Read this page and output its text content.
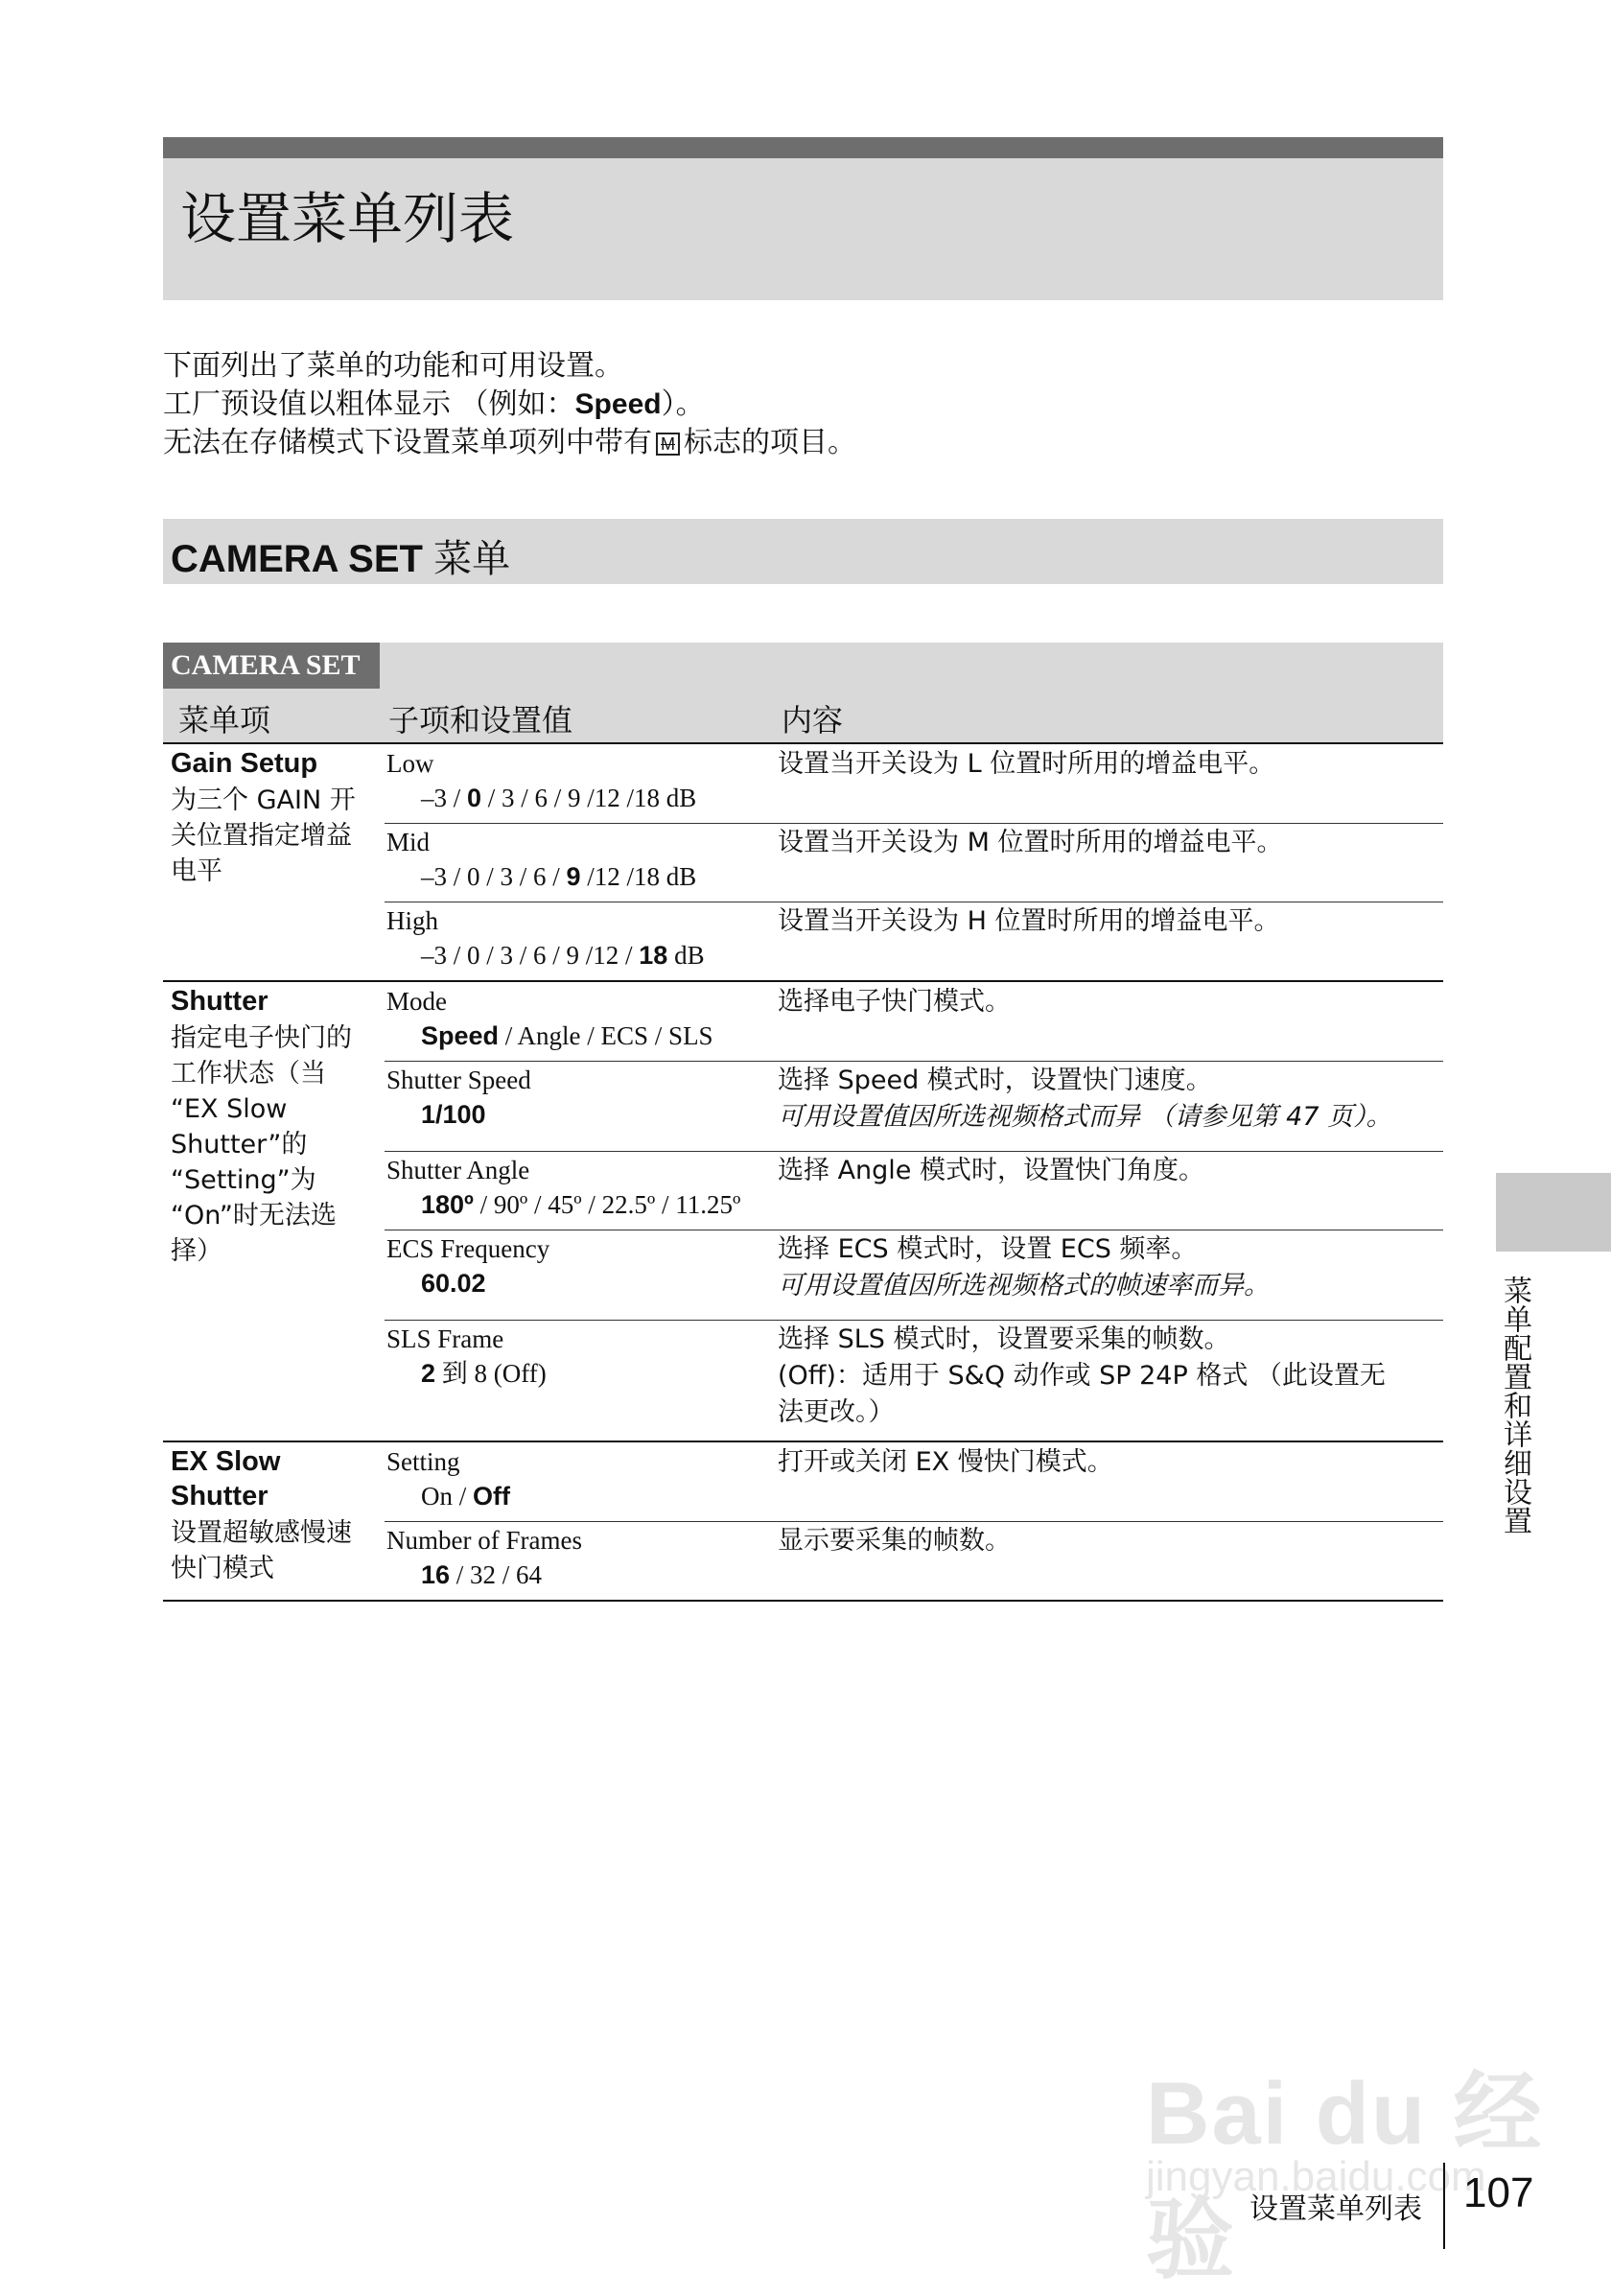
设置菜单列表
下面列出了菜单的功能和可用设置。
工厂预设值以粗体显示 （例如：Speed）。
无法在存储模式下设置菜单项列中带有 M 标志的项目。
CAMERA SET 菜单
CAMERA SET
菜单项	子项和设置值	内容
Gain Setup
为三个 GAIN 开关位置指定增益电平
Low
–3 / 0 / 3 / 6 / 9 /12 /18 dB
设置当开关设为 L 位置时所用的增益电平。
Mid
–3 / 0 / 3 / 6 / 9 /12 /18 dB
设置当开关设为 M 位置时所用的增益电平。
High
–3 / 0 / 3 / 6 / 9 /12 / 18 dB
设置当开关设为 H 位置时所用的增益电平。
Shutter
指定电子快门的工作状态（当 “EX Slow Shutter”的 “Setting”为 “On”时无法选择）
Mode
Speed / Angle / ECS / SLS
选择电子快门模式。
Shutter Speed
1/100
选择 Speed 模式时，设置快门速度。
可用设置值因所选视频格式而异 （请参见第 47 页）。
Shutter Angle
180º / 90º / 45º / 22.5º / 11.25º
选择 Angle 模式时，设置快门角度。
ECS Frequency
60.02
选择 ECS 模式时，设置 ECS 频率。
可用设置值因所选视频格式的帧速率而异。
SLS Frame
2 到 8 (Off)
选择 SLS 模式时，设置要采集的帧数。
(Off)：适用于 S&Q 动作或 SP 24P 格式 （此设置无法更改。）
EX Slow Shutter
设置超敏感慢速快门模式
Setting
On / Off
打开或关闭 EX 慢快门模式。
Number of Frames
16 / 32 / 64
显示要采集的帧数。
菜单配置和详细设置
Bai du 经验
jingyan.baidu.com
设置菜单列表 107
